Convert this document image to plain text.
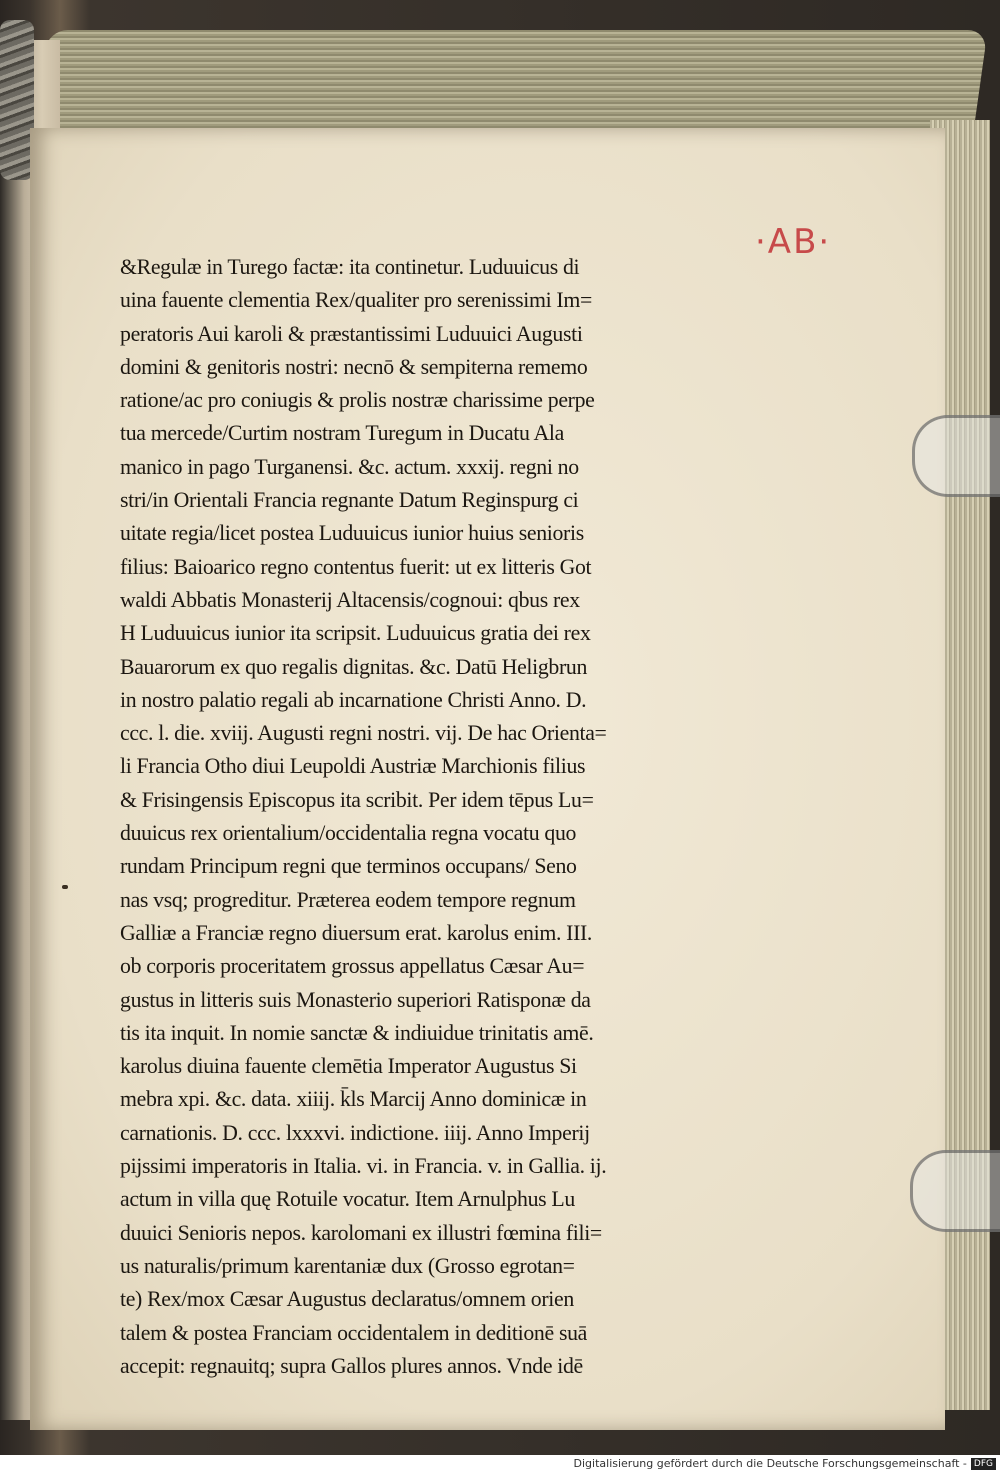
·AB·
&Regulæ in Turego factæ: ita continetur. Luduuicus di
uina fauente clementia Rex/qualiter pro serenissimi Im=
peratoris Aui karoli & præstantissimi Luduuici Augusti
domini & genitoris nostri: necnō & sempiterna rememo
ratione/ac pro coniugis & prolis nostræ charissime perpe
tua mercede/Curtim nostram Turegum in Ducatu Ala
manico in pago Turganensi. &c. actum. xxxij. regni no
stri/in Orientali Francia regnante Datum Reginspurg ci
uitate regia/licet postea Luduuicus iunior huius senioris
filius: Baioarico regno contentus fuerit: ut ex litteris Got
waldi Abbatis Monasterij Altacensis/cognoui: qbus rex
H Luduuicus iunior ita scripsit. Luduuicus gratia dei rex
Bauarorum ex quo regalis dignitas. &c. Datū Heligbrun
in nostro palatio regali ab incarnatione Christi Anno. D.
ccc. l. die. xviij. Augusti regni nostri. vij. De hac Orienta=
li Francia Otho diui Leupoldi Austriæ Marchionis filius
& Frisingensis Episcopus ita scribit. Per idem tēpus Lu=
duuicus rex orientalium/occidentalia regna vocatu quo
rundam Principum regni que terminos occupans/ Seno
nas vsq; progreditur. Præterea eodem tempore regnum
Galliæ a Franciæ regno diuersum erat. karolus enim. III.
ob corporis proceritatem grossus appellatus Cæsar Au=
gustus in litteris suis Monasterio superiori Ratisponæ da
tis ita inquit. In nomie sanctæ & indiuidue trinitatis amē.
karolus diuina fauente clemētia Imperator Augustus Si
mebra xpi. &c. data. xiiij. k̄ls Marcij Anno dominicæ in
carnationis. D. ccc. lxxxvi. indictione. iiij. Anno Imperij
pijssimi imperatoris in Italia. vi. in Francia. v. in Gallia. ij.
actum in villa quę Rotuile vocatur. Item Arnulphus Lu
duuici Senioris nepos. karolomani ex illustri fœmina fili=
us naturalis/primum karentaniæ dux (Grosso egrotan=
te) Rex/mox Cæsar Augustus declaratus/omnem orien
talem & postea Franciam occidentalem in deditionē suā
accepit: regnauitq; supra Gallos plures annos. Vnde idē
Digitalisierung gefördert durch die Deutsche Forschungsgemeinschaft - DFG
